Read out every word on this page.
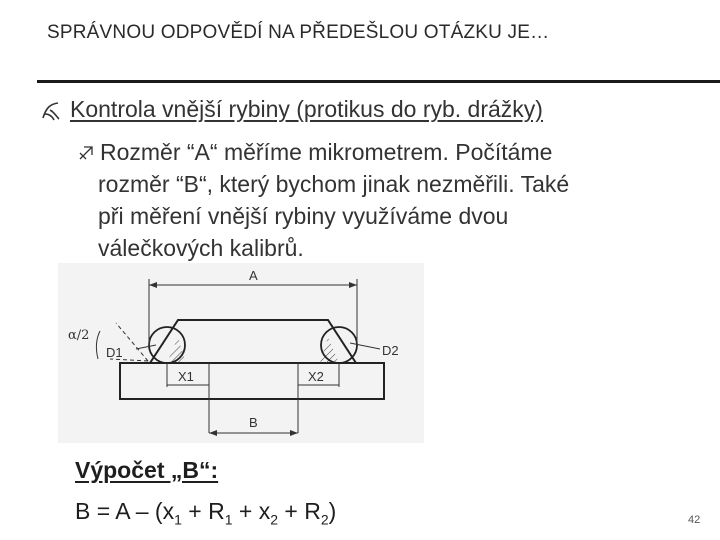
SPRÁVNOU ODPOVĚDÍ NA PŘEDEŠLOU OTÁZKU JE…
Kontrola vnější rybiny (protikus do ryb. drážky)
Rozměr “A“ měříme mikrometrem. Počítáme
rozměr “B“, který bychom jinak nezměřili. Také
při měření vnější rybiny využíváme dvou
válečkových kalibrů.
A
B
X1	X2
α/2
D1	D2
Výpočet „B“:
$B = A - (x_1 + R_1 + x_2 + R_2)$	42
